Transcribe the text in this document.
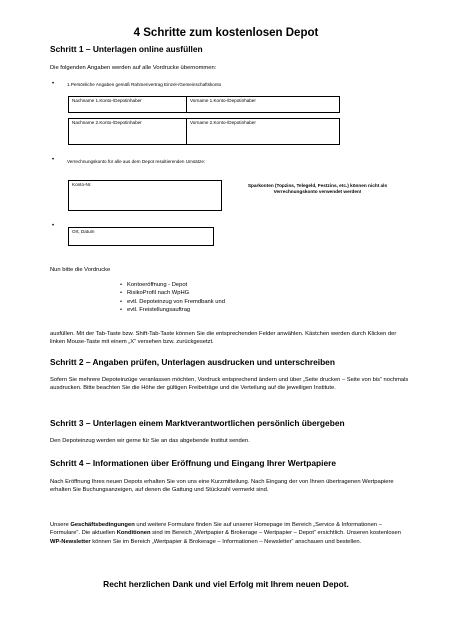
4 Schritte zum kostenlosen Depot
Schritt 1 – Unterlagen online ausfüllen
Die folgenden Angaben werden auf alle Vordrucke übernommen:
•	1.Persönliche Angaben gemäß Rahmenvertrag Einzel-/Gemeinschaftskonto
Nachname 1.Konto-/Depotinhaber	Vorname 1.Konto-/Depotinhaber
Nachname 2.Konto-/Depotinhaber	Vorname 2.Konto-/Depotinhaber
•	Verrechnungskonto für alle aus dem Depot resultierenden Umsätze:
Konto-Nr.	Sparkonten (Topzins, Telegeld, Festzins, etc.) können nicht als Verrechnungskonto verwendet werden!
•
Ort, Datum
Nun bitte die Vordrucke
• Kontoeröffnung - Depot
• RisikoProfil nach WpHG
• evtl. Depoteinzug von Fremdbank und
• evtl. Freistellungsauftrag
ausfüllen. Mit der Tab-Taste bzw. Shift-Tab-Taste können Sie die entsprechenden Felder anwählen. Kästchen werden durch Klicken der linken Mouse-Taste mit einem „X“ versehen bzw. zurückgesetzt.
Schritt 2 – Angaben prüfen, Unterlagen ausdrucken und unterschreiben
Sofern Sie mehrere Depoteinzüge veranlassen möchten, Vordruck entsprechend ändern und über „Seite drucken – Seite von bis“ nochmals ausdrucken. Bitte beachten Sie die Höhe der gültigen Freibeträge und die Verteilung auf die jeweiligen Institute.
Schritt 3 – Unterlagen einem Marktverantwortlichen persönlich übergeben
Den Depoteinzug werden wir gerne für Sie an das abgebende Institut senden.
Schritt 4 – Informationen über Eröffnung und Eingang Ihrer Wertpapiere
Nach Eröffnung Ihres neuen Depots erhalten Sie von uns eine Kurzmitteilung. Nach Eingang der von Ihnen übertragenen Wertpapiere erhalten Sie Buchungsanzeigen, auf denen die Gattung und Stückzahl vermerkt sind.
Unsere Geschäftsbedingungen und weitere Formulare finden Sie auf unserer Homepage im Bereich „Service & Informationen – Formulare“. Die aktuellen Konditionen sind im Bereich „Wertpapier & Brokerage – Wertpapier – Depot“ ersichtlich. Unseren kostenlosen WP-Newsletter können Sie im Bereich „Wertpapier & Brokerage – Informationen – Newsletter“ anschauen und bestellen.
Recht herzlichen Dank und viel Erfolg mit Ihrem neuen Depot.
